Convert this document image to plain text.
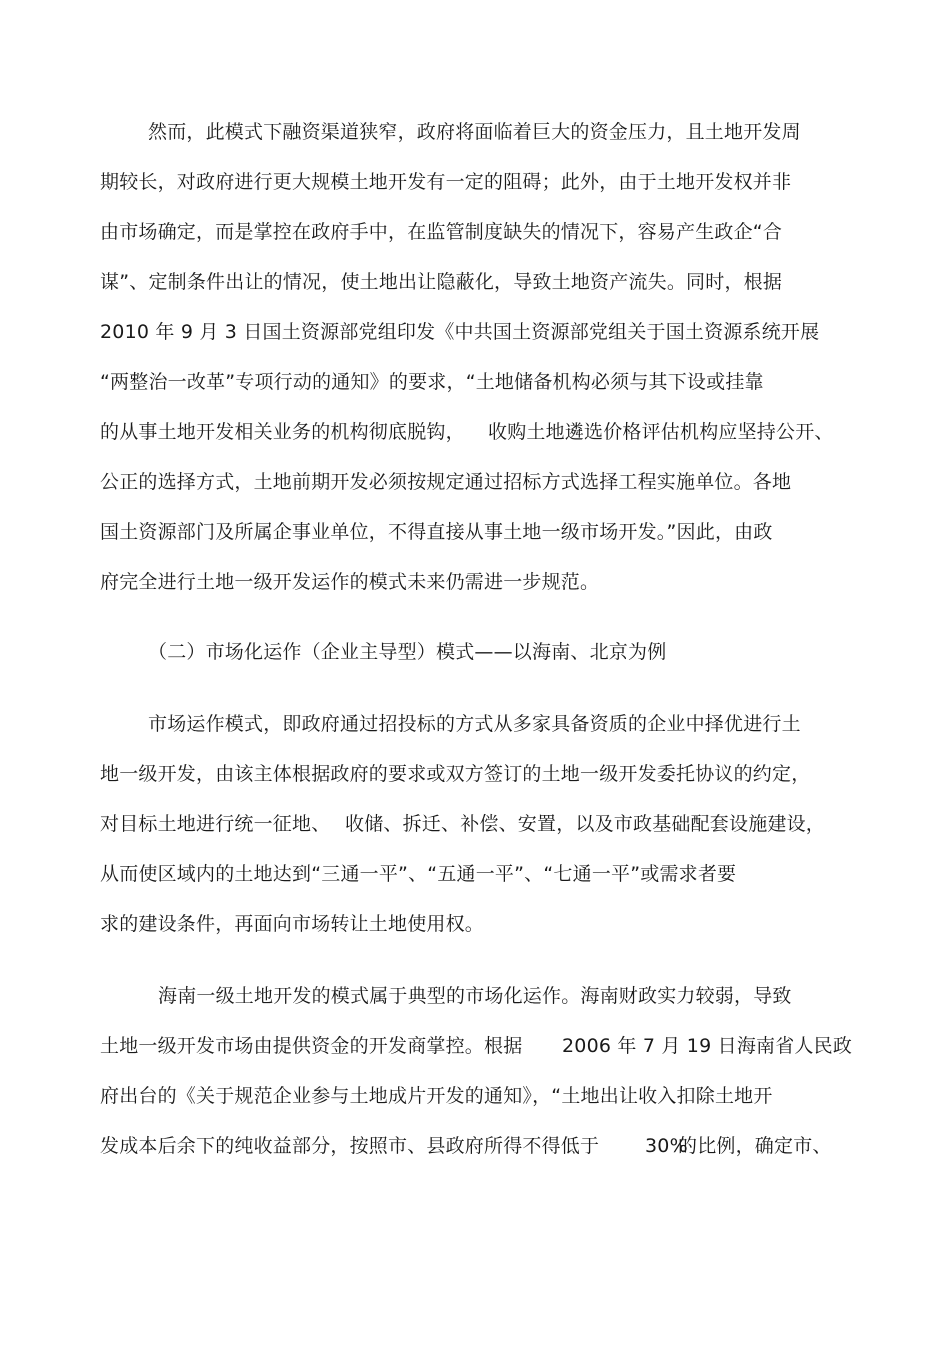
然而，此模式下融资渠道狭窄，政府将面临着巨大的资金压力，且土地开发周
期较长，对政府进行更大规模土地开发有一定的阻碍；此外，由于土地开发权并非
由市场确定，而是掌控在政府手中，在监管制度缺失的情况下，容易产生政企“合
谋”、定制条件出让的情况，使土地出让隐蔽化，导致土地资产流失。同时，根据
2010 年 9 月 3 日国土资源部党组印发《中共国土资源部党组关于国土资源系统开展
“两整治一改革”专项行动的通知》的要求，“土地储备机构必须与其下设或挂靠
的从事土地开发相关业务的机构彻底脱钩， 收购土地遴选价格评估机构应坚持公开、
公正的选择方式，土地前期开发必须按规定通过招标方式选择工程实施单位。各地
国土资源部门及所属企事业单位，不得直接从事土地一级市场开发。”因此，由政
府完全进行土地一级开发运作的模式未来仍需进一步规范。
（二）市场化运作（企业主导型）模式——以海南、北京为例
市场运作模式，即政府通过招投标的方式从多家具备资质的企业中择优进行土
地一级开发，由该主体根据政府的要求或双方签订的土地一级开发委托协议的约定，
对目标土地进行统一征地、 收储、拆迁、补偿、安置，以及市政基础配套设施建设，
从而使区域内的土地达到“三通一平”、“五通一平”、“七通一平”或需求者要
求的建设条件，再面向市场转让土地使用权。
海南一级土地开发的模式属于典型的市场化运作。海南财政实力较弱，导致
土地一级开发市场由提供资金的开发商掌控。根据 2006 年 7 月 19 日海南省人民政
府出台的《关于规范企业参与土地成片开发的通知》，“土地出让收入扣除土地开
发成本后余下的纯收益部分，按照市、县政府所得不得低于 30%
的比例，确定市、
